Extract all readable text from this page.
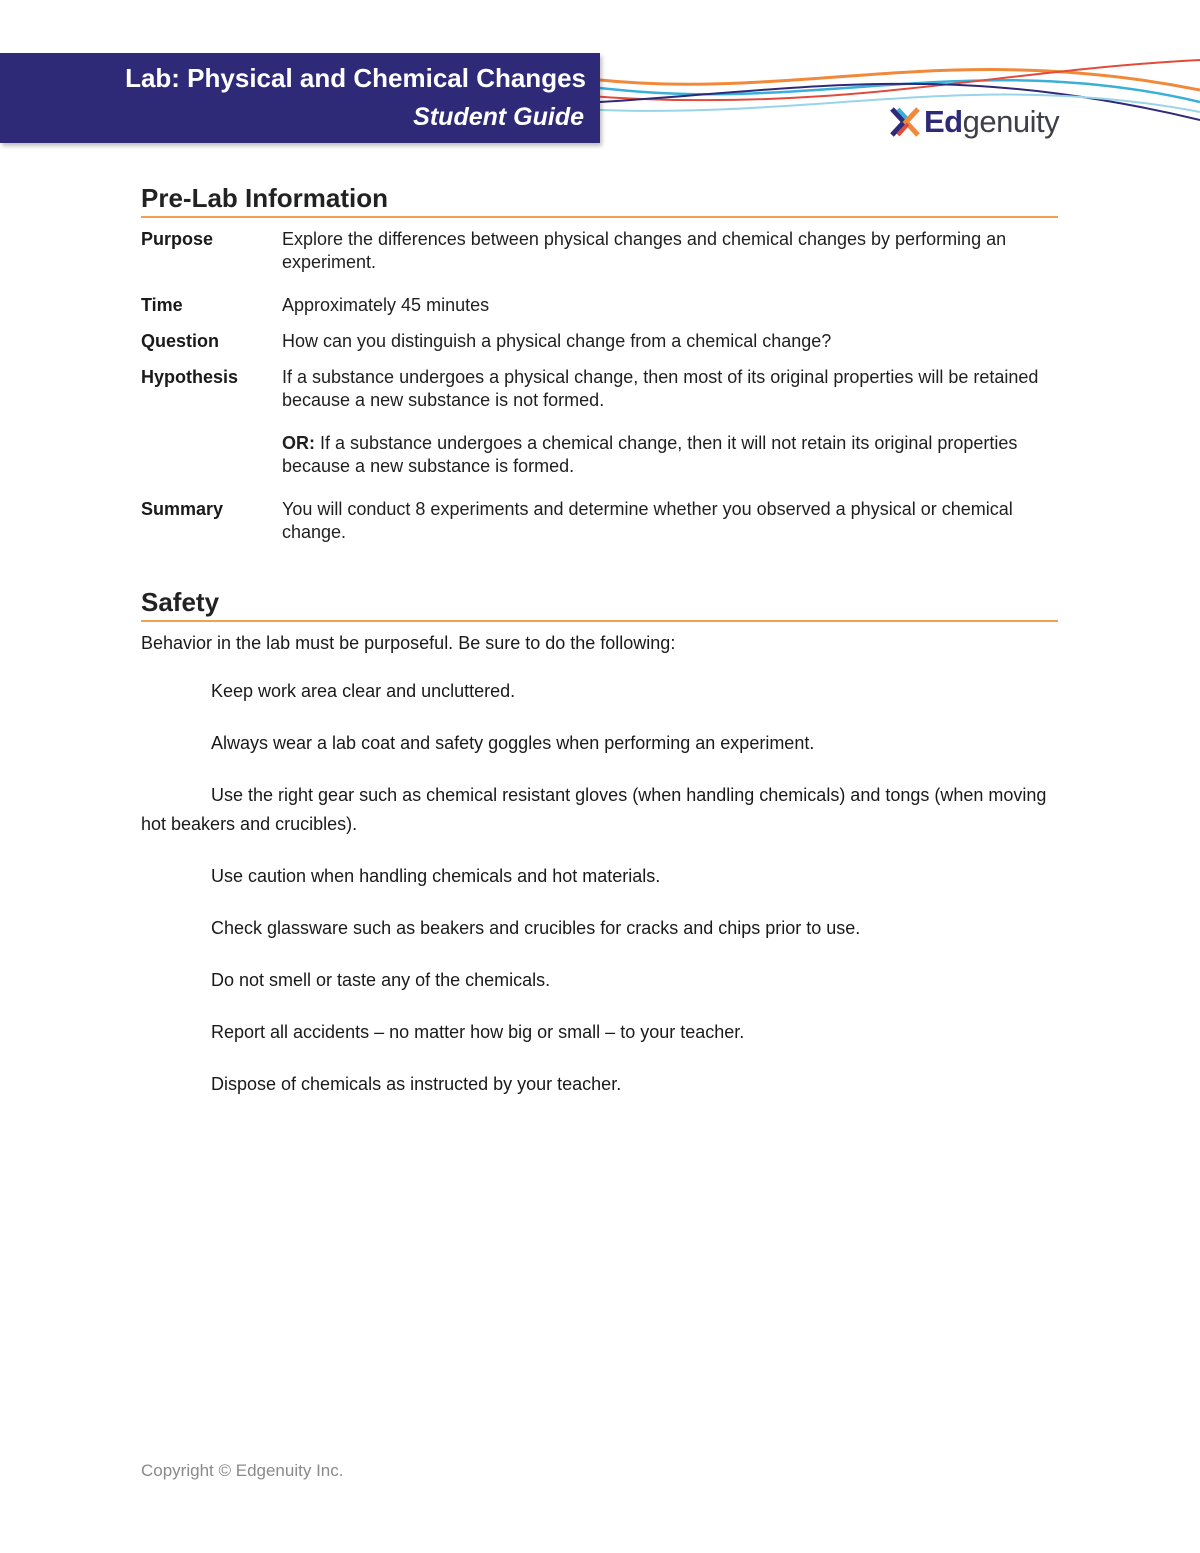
Lab: Physical and Chemical Changes
Student Guide	Edgenuity
Pre-Lab Information
Purpose	Explore the differences between physical changes and chemical changes by performing an experiment.
Time	Approximately 45 minutes
Question	How can you distinguish a physical change from a chemical change?
Hypothesis	If a substance undergoes a physical change, then most of its original properties will be retained because a new substance is not formed.

OR: If a substance undergoes a chemical change, then it will not retain its original properties because a new substance is formed.

Summary	You will conduct 8 experiments and determine whether you observed a physical or chemical change.
Safety
Behavior in the lab must be purposeful. Be sure to do the following:
Keep work area clear and uncluttered.
Always wear a lab coat and safety goggles when performing an experiment.
Use the right gear such as chemical resistant gloves (when handling chemicals) and tongs (when moving hot beakers and crucibles).
Use caution when handling chemicals and hot materials.
Check glassware such as beakers and crucibles for cracks and chips prior to use.
Do not smell or taste any of the chemicals.
Report all accidents – no matter how big or small – to your teacher.
Dispose of chemicals as instructed by your teacher.
Copyright © Edgenuity Inc.
